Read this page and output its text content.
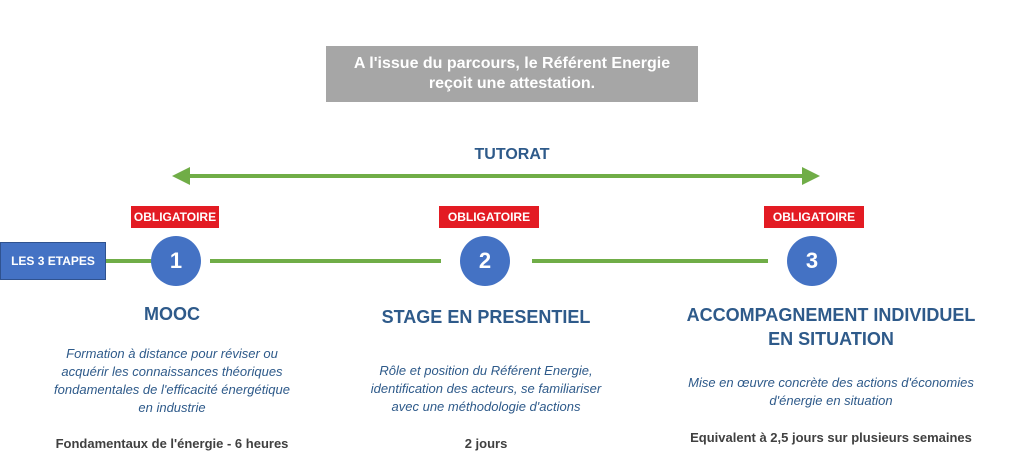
A l'issue du parcours, le Référent Energie
reçoit une attestation.
TUTORAT
LES 3 ETAPES
OBLIGATOIRE
1
MOOC
Formation à distance pour réviser ou
acquérir les connaissances théoriques
fondamentales de l'efficacité énergétique
en industrie
Fondamentaux de l'énergie - 6 heures
OBLIGATOIRE
2
STAGE EN PRESENTIEL
Rôle et position du Référent Energie,
identification des acteurs, se familiariser
avec une méthodologie d'actions
2 jours
OBLIGATOIRE
3
ACCOMPAGNEMENT INDIVIDUEL
EN SITUATION
Mise en œuvre concrète des actions d'économies
d'énergie en situation
Equivalent à 2,5 jours sur plusieurs semaines
